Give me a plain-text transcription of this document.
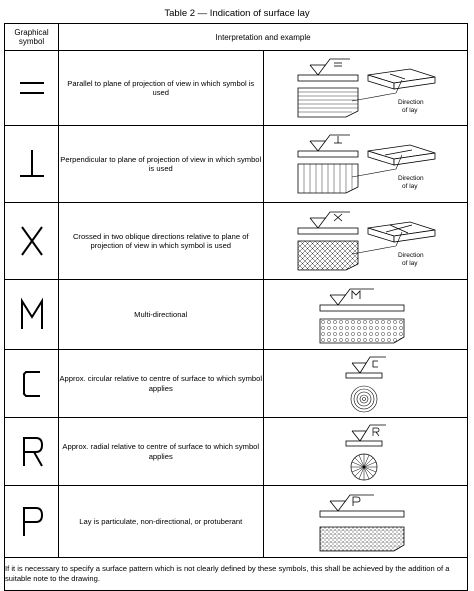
Table 2 — Indication of surface lay
Graphical symbol	Interpretation and example	

	Parallel to plane of projection of view in which symbol is used	Direction
of lay

	Perpendicular to plane of projection of view in which symbol is used	Direction
of lay

	Crossed in two oblique directions relative to plane of projection of view in which symbol is used	Direction
of lay

	Multi-directional	

	Approx. circular relative to centre of surface to which symbol applies	

	Approx. radial relative to centre of surface to which symbol applies	

	Lay is particulate, non-directional, or protuberant	

If it is necessary to specify a surface pattern which is not clearly defined by these symbols, this shall be achieved by the addition of a suitable note to the drawing.		
